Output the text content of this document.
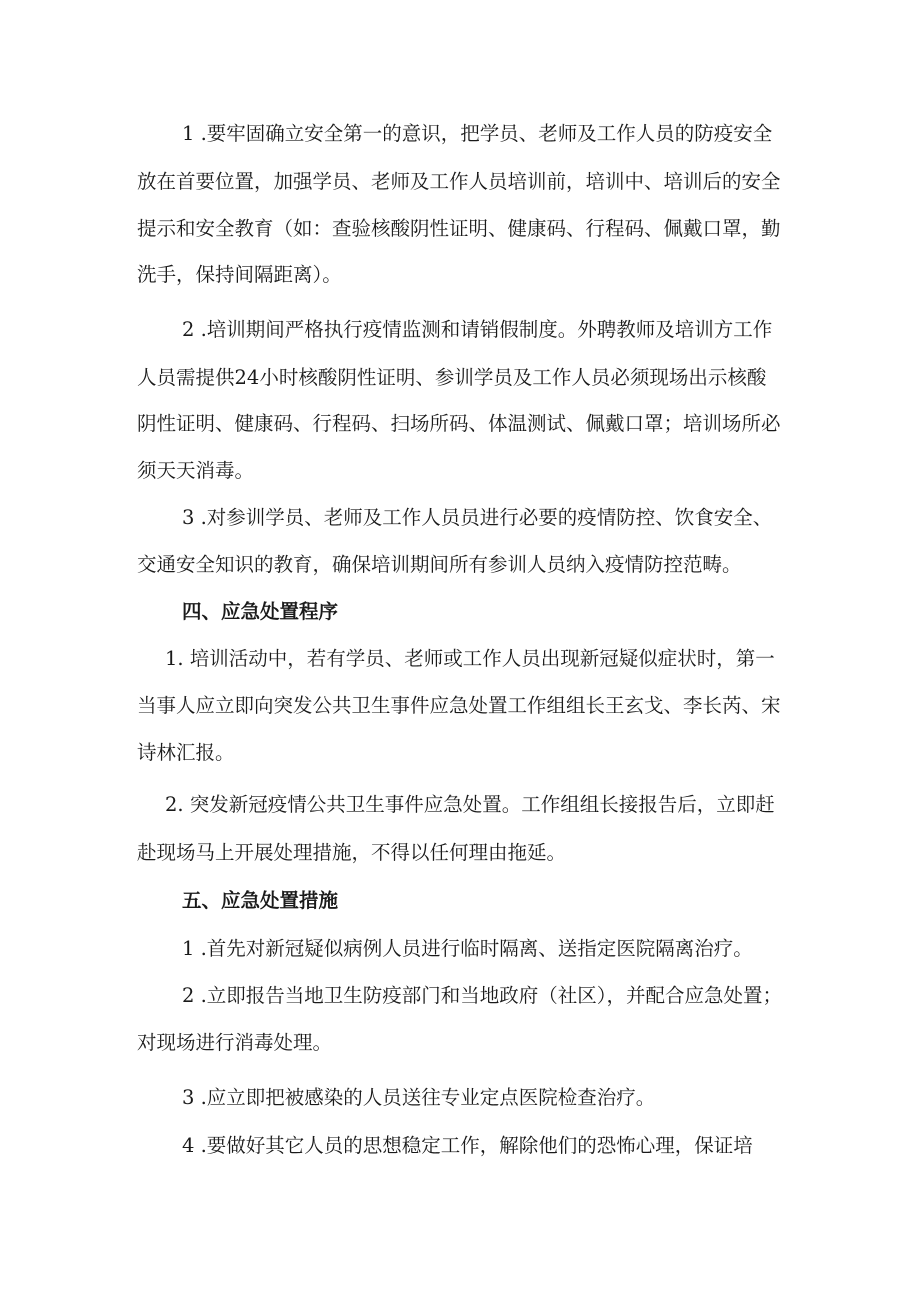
1 .要牢固确立安全第一的意识，把学员、老师及工作人员的防疫安全
放在首要位置，加强学员、老师及工作人员培训前，培训中、培训后的安全
提示和安全教育（如：查验核酸阴性证明、健康码、行程码、佩戴口罩，勤
洗手，保持间隔距离）。
2 .培训期间严格执行疫情监测和请销假制度。外聘教师及培训方工作
人员需提供24小时核酸阴性证明、参训学员及工作人员必须现场出示核酸
阴性证明、健康码、行程码、扫场所码、体温测试、佩戴口罩；培训场所必
须天天消毒。
3 .对参训学员、老师及工作人员员进行必要的疫情防控、饮食安全、
交通安全知识的教育，确保培训期间所有参训人员纳入疫情防控范畴。
四、应急处置程序
1. 培训活动中，若有学员、老师或工作人员出现新冠疑似症状时，第一
当事人应立即向突发公共卫生事件应急处置工作组组长王玄戈、李长芮、宋
诗林汇报。
2. 突发新冠疫情公共卫生事件应急处置。工作组组长接报告后，立即赶
赴现场马上开展处理措施，不得以任何理由拖延。
五、应急处置措施
1 .首先对新冠疑似病例人员进行临时隔离、送指定医院隔离治疗。
2 .立即报告当地卫生防疫部门和当地政府（社区），并配合应急处置；
对现场进行消毒处理。
3 .应立即把被感染的人员送往专业定点医院检查治疗。
4 .要做好其它人员的思想稳定工作，解除他们的恐怖心理，保证培
